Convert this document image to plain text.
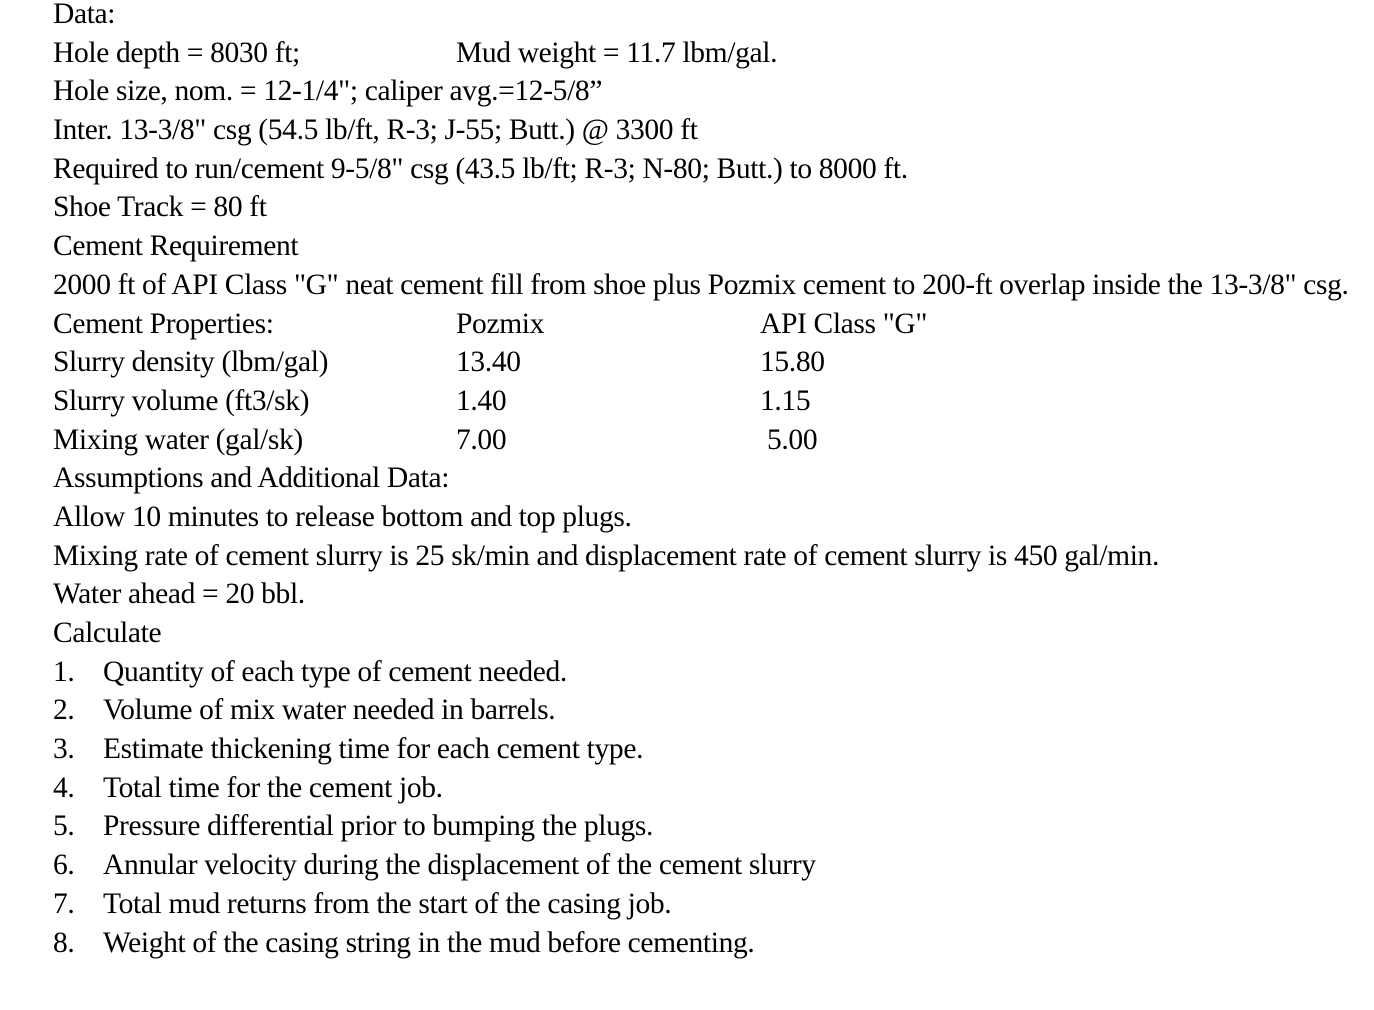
Data:
Hole depth = 8030 ft;	Mud weight = 11.7 lbm/gal.
Hole size, nom. = 12-1/4"; caliper avg.=12-5/8”
Inter. 13-3/8" csg (54.5 lb/ft, R-3; J-55; Butt.) @ 3300 ft
Required to run/cement 9-5/8" csg (43.5 lb/ft; R-3; N-80; Butt.) to 8000 ft.
Shoe Track = 80 ft
Cement Requirement
2000 ft of API Class "G" neat cement fill from shoe plus Pozmix cement to 200-ft overlap inside the 13-3/8" csg.
Cement Properties:	Pozmix	API Class "G"
Slurry density (lbm/gal)	13.40	15.80
Slurry volume (ft3/sk)	1.40	1.15
Mixing water (gal/sk)	7.00	5.00
Assumptions and Additional Data:
Allow 10 minutes to release bottom and top plugs.
Mixing rate of cement slurry is 25 sk/min and displacement rate of cement slurry is 450 gal/min.
Water ahead = 20 bbl.
Calculate
1. Quantity of each type of cement needed.
2. Volume of mix water needed in barrels.
3. Estimate thickening time for each cement type.
4. Total time for the cement job.
5. Pressure differential prior to bumping the plugs.
6. Annular velocity during the displacement of the cement slurry
7. Total mud returns from the start of the casing job.
8. Weight of the casing string in the mud before cementing.
